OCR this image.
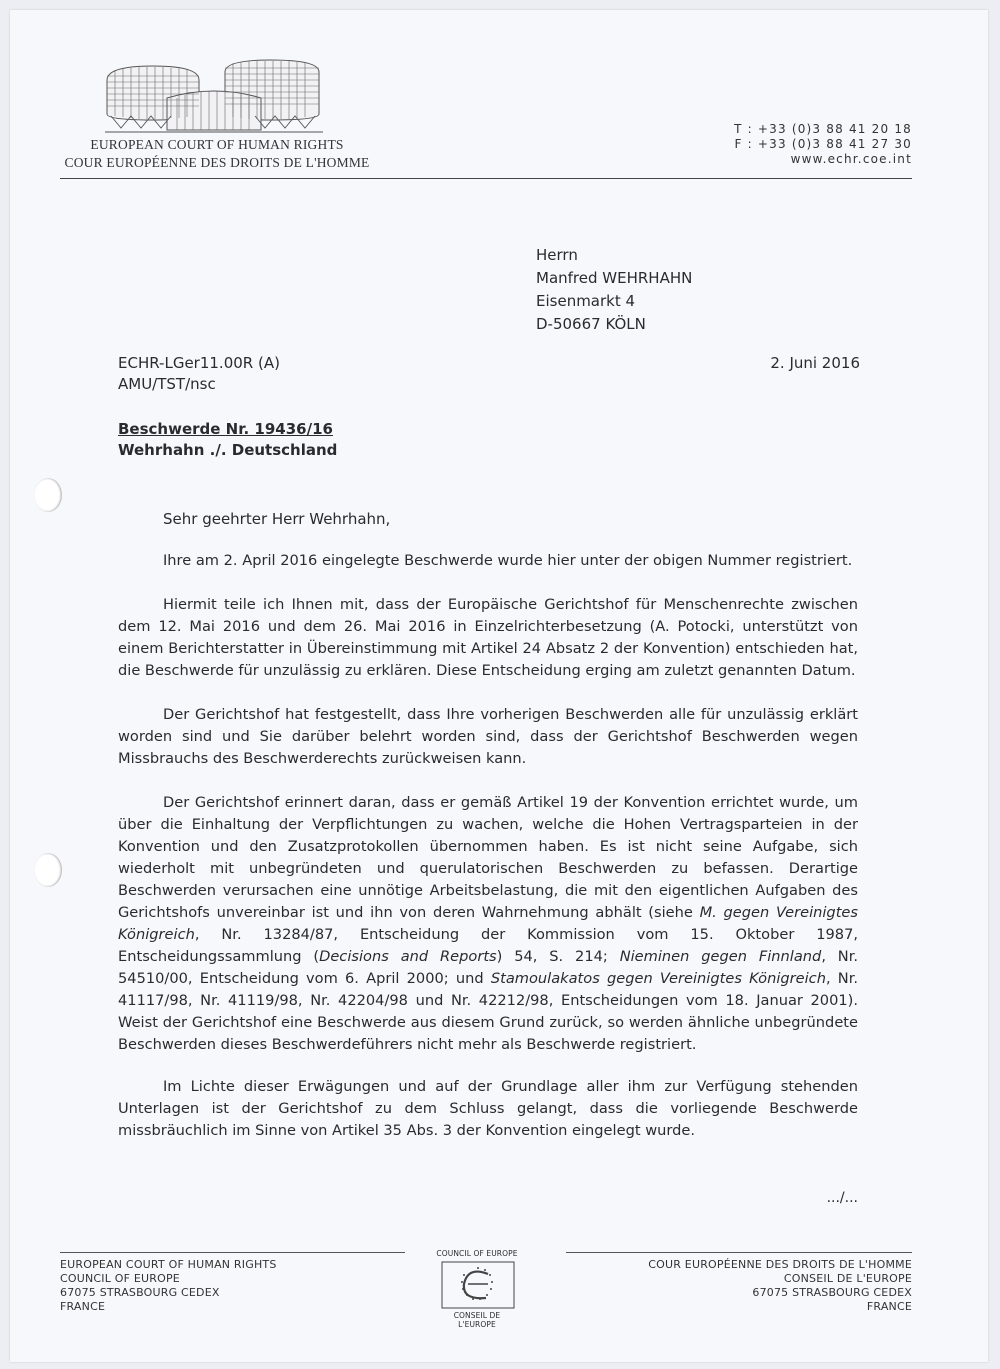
EUROPEAN COURT OF HUMAN RIGHTS
COUR EUROPÉENNE DES DROITS DE L'HOMME
T : +33 (0)3 88 41 20 18
F : +33 (0)3 88 41 27 30
www.echr.coe.int
Herrn
Manfred WEHRHAHN
Eisenmarkt 4
D-50667 KÖLN
ECHR-LGer11.00R (A)
AMU/TST/nsc
2. Juni 2016
Beschwerde Nr. 19436/16
Wehrhahn ./. Deutschland
Sehr geehrter Herr Wehrhahn,
Ihre am 2. April 2016 eingelegte Beschwerde wurde hier unter der obigen Nummer registriert.
Hiermit teile ich Ihnen mit, dass der Europäische Gerichtshof für Menschenrechte zwischen dem 12. Mai 2016 und dem 26. Mai 2016 in Einzelrichterbesetzung (A. Potocki, unterstützt von einem Berichterstatter in Übereinstimmung mit Artikel 24 Absatz 2 der Konvention) entschieden hat, die Beschwerde für unzulässig zu erklären. Diese Entscheidung erging am zuletzt genannten Datum.
Der Gerichtshof hat festgestellt, dass Ihre vorherigen Beschwerden alle für unzulässig erklärt worden sind und Sie darüber belehrt worden sind, dass der Gerichtshof Beschwerden wegen Missbrauchs des Beschwerderechts zurückweisen kann.
Der Gerichtshof erinnert daran, dass er gemäß Artikel 19 der Konvention errichtet wurde, um über die Einhaltung der Verpflichtungen zu wachen, welche die Hohen Vertragsparteien in der Konvention und den Zusatzprotokollen übernommen haben. Es ist nicht seine Aufgabe, sich wiederholt mit unbegründeten und querulatorischen Beschwerden zu befassen. Derartige Beschwerden verursachen eine unnötige Arbeitsbelastung, die mit den eigentlichen Aufgaben des Gerichtshofs unvereinbar ist und ihn von deren Wahrnehmung abhält (siehe M. gegen Vereinigtes Königreich, Nr. 13284/87, Entscheidung der Kommission vom 15. Oktober 1987, Entscheidungssammlung (Decisions and Reports) 54, S. 214; Nieminen gegen Finnland, Nr. 54510/00, Entscheidung vom 6. April 2000; und Stamoulakatos gegen Vereinigtes Königreich, Nr. 41117/98, Nr. 41119/98, Nr. 42204/98 und Nr. 42212/98, Entscheidungen vom 18. Januar 2001). Weist der Gerichtshof eine Beschwerde aus diesem Grund zurück, so werden ähnliche unbegründete Beschwerden dieses Beschwerdeführers nicht mehr als Beschwerde registriert.
Im Lichte dieser Erwägungen und auf der Grundlage aller ihm zur Verfügung stehenden Unterlagen ist der Gerichtshof zu dem Schluss gelangt, dass die vorliegende Beschwerde missbräuchlich im Sinne von Artikel 35 Abs. 3 der Konvention eingelegt wurde.
.../...
EUROPEAN COURT OF HUMAN RIGHTS
COUNCIL OF EUROPE
67075 STRASBOURG CEDEX
FRANCE
COUNCIL OF EUROPE
CONSEIL DE L'EUROPE
COUR EUROPÉENNE DES DROITS DE L'HOMME
CONSEIL DE L'EUROPE
67075 STRASBOURG CEDEX
FRANCE
